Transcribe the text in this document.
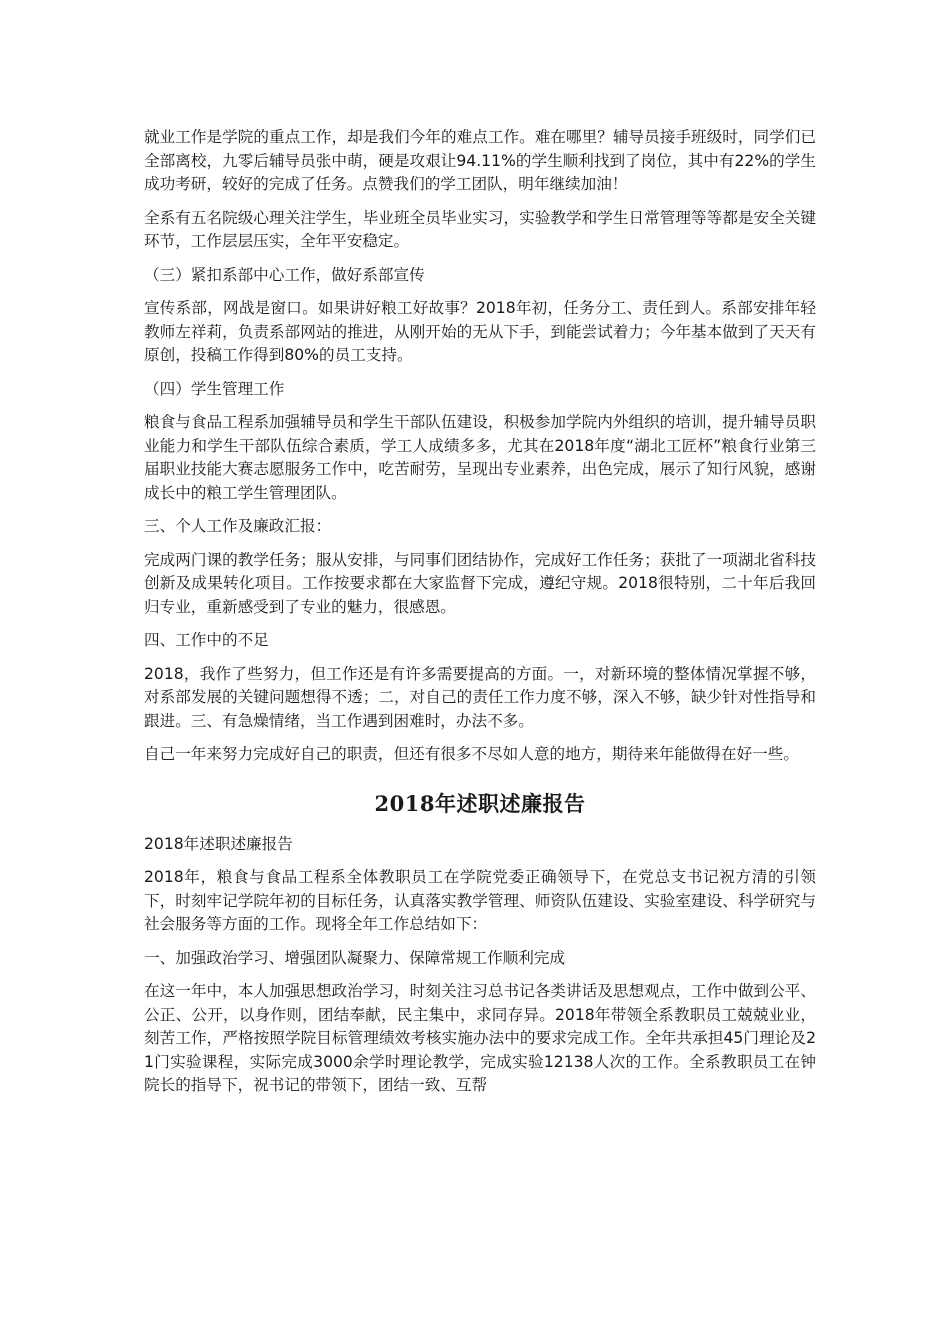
就业工作是学院的重点工作，却是我们今年的难点工作。难在哪里？辅导员接手班级时，同学们已全部离校，九零后辅导员张中萌，硬是攻艰让94.11%的学生顺利找到了岗位，其中有22%的学生成功考研，较好的完成了任务。点赞我们的学工团队，明年继续加油！

全系有五名院级心理关注学生，毕业班全员毕业实习，实验教学和学生日常管理等等都是安全关键环节，工作层层压实，全年平安稳定。

（三）紧扣系部中心工作，做好系部宣传

宣传系部，网战是窗口。如果讲好粮工好故事？2018年初，任务分工、责任到人。系部安排年轻教师左祥莉，负责系部网站的推进，从刚开始的无从下手，到能尝试着力；今年基本做到了天天有原创，投稿工作得到80%的员工支持。

（四）学生管理工作

粮食与食品工程系加强辅导员和学生干部队伍建设，积极参加学院内外组织的培训，提升辅导员职业能力和学生干部队伍综合素质，学工人成绩多多，尤其在2018年度“湖北工匠杯”粮食行业第三届职业技能大赛志愿服务工作中，吃苦耐劳，呈现出专业素养，出色完成，展示了知行风貌，感谢成长中的粮工学生管理团队。

三、个人工作及廉政汇报：

完成两门课的教学任务；服从安排，与同事们团结协作，完成好工作任务；获批了一项湖北省科技创新及成果转化项目。工作按要求都在大家监督下完成，遵纪守规。2018很特别，二十年后我回归专业，重新感受到了专业的魅力，很感恩。

四、工作中的不足

2018，我作了些努力，但工作还是有许多需要提高的方面。一，对新环境的整体情况掌握不够，对系部发展的关键问题想得不透；二，对自己的责任工作力度不够，深入不够，缺少针对性指导和跟进。三、有急燥情绪，当工作遇到困难时，办法不多。

自己一年来努力完成好自己的职责，但还有很多不尽如人意的地方，期待来年能做得在好一些。

2018年述职述廉报告

2018年述职述廉报告

2018年，粮食与食品工程系全体教职员工在学院党委正确领导下，在党总支书记祝方清的引领下，时刻牢记学院年初的目标任务，认真落实教学管理、师资队伍建设、实验室建设、科学研究与社会服务等方面的工作。现将全年工作总结如下：

一、加强政治学习、增强团队凝聚力、保障常规工作顺利完成

在这一年中，本人加强思想政治学习，时刻关注习总书记各类讲话及思想观点，工作中做到公平、公正、公开，以身作则，团结奉献，民主集中，求同存异。2018年带领全系教职员工兢兢业业，刻苦工作，严格按照学院目标管理绩效考核实施办法中的要求完成工作。全年共承担45门理论及21门实验课程，实际完成3000余学时理论教学，完成实验12138人次的工作。全系教职员工在钟院长的指导下，祝书记的带领下，团结一致、互帮
